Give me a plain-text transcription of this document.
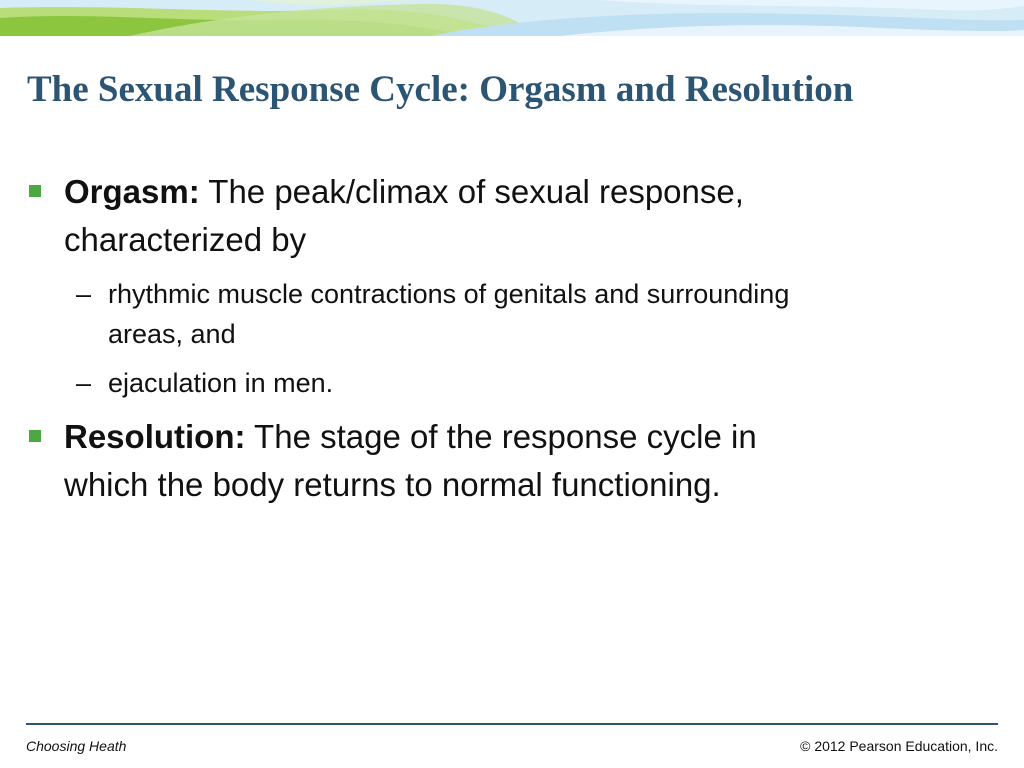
The Sexual Response Cycle: Orgasm and Resolution
Orgasm: The peak/climax of sexual response,
characterized by
– rhythmic muscle contractions of genitals and surrounding
areas, and
– ejaculation in men.
Resolution: The stage of the response cycle in
which the body returns to normal functioning.
Choosing Heath	© 2012 Pearson Education, Inc.
